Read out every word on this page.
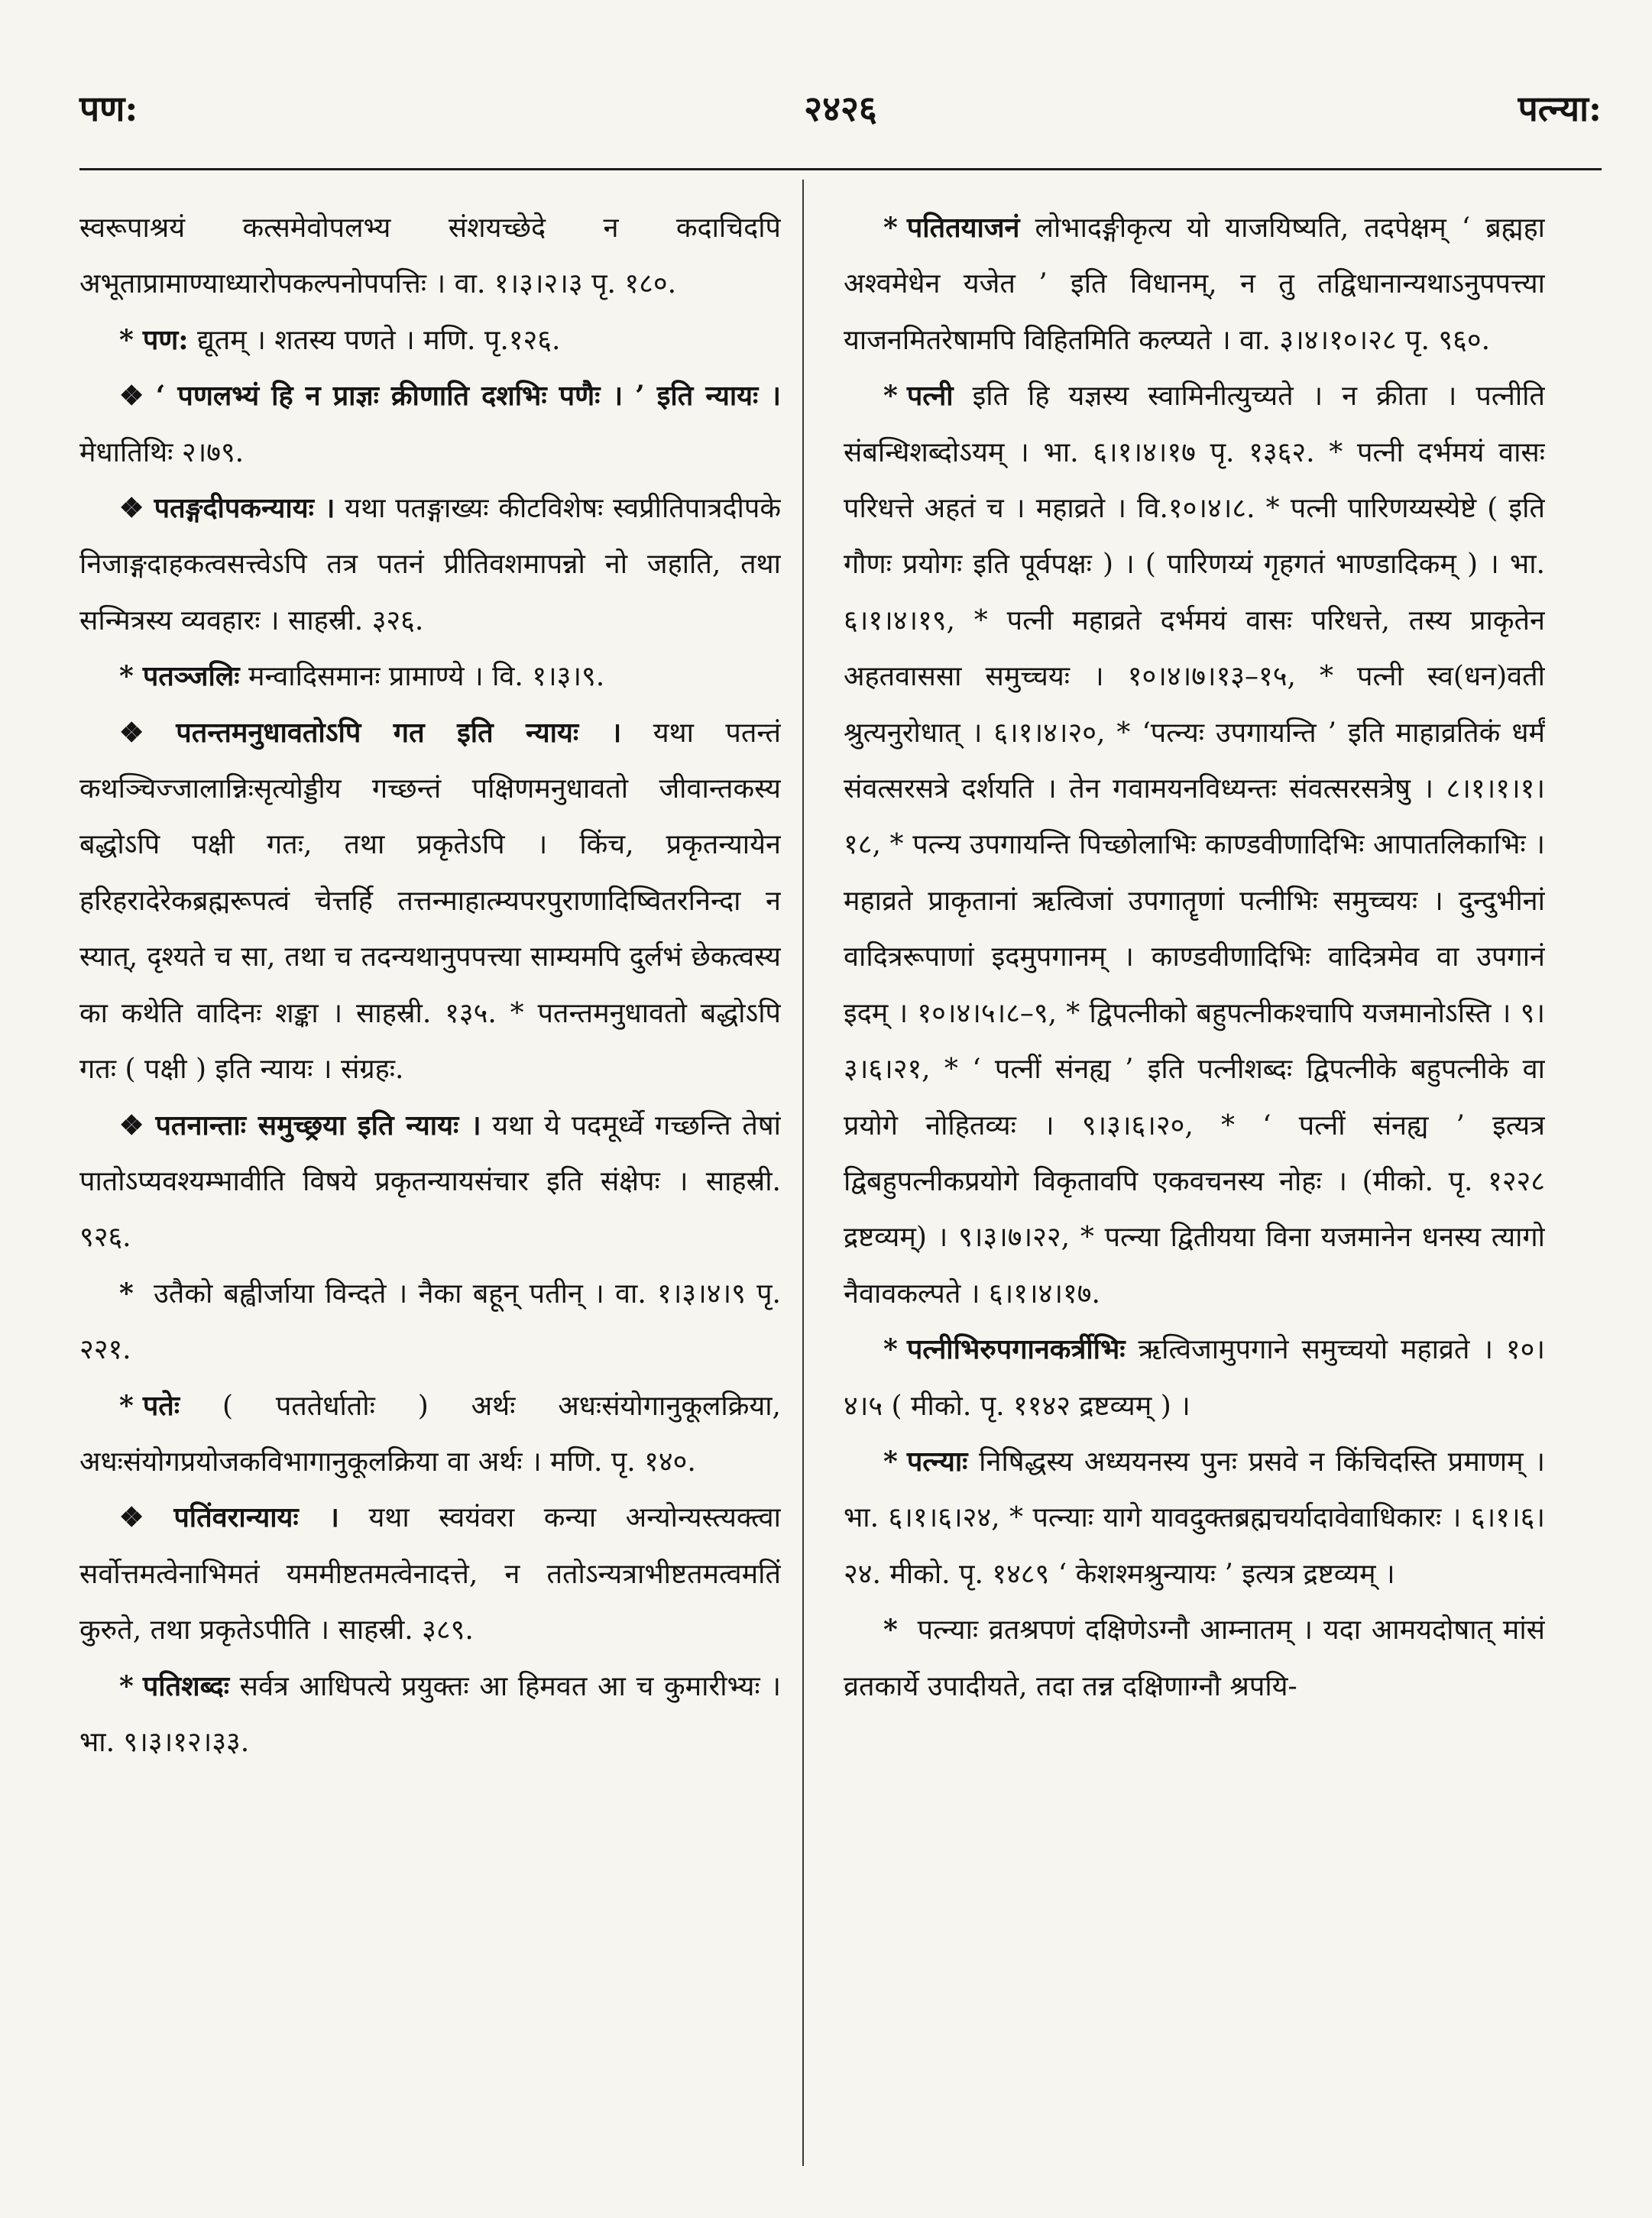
पण:	२४२६	पत्न्या:

स्वरूपाश्रयं कत्समेवोपलभ्य संशयच्छेदे न कदाचिदपि अभूताप्रामाण्याध्यारोपकल्पनोपपत्तिः । वा. १।३।२।३ पृ. १८०.

* पण: द्यूतम् । शतस्य पणते । मणि. पृ.१२६.

❖ ‘ पणलभ्यं हि न प्राज्ञः क्रीणाति दशभिः पणैः । ’ इति न्यायः । मेधातिथिः २।७९.

❖ पतङ्गदीपकन्यायः । यथा पतङ्गाख्यः कीटविशेषः स्वप्रीतिपात्रदीपके निजाङ्गदाहकत्वसत्त्वेऽपि तत्र पतनं प्रीतिवशमापन्नो नो जहाति, तथा सन्मित्रस्य व्यवहारः । साहस्री. ३२६.

* पतञ्जलिः मन्वादिसमानः प्रामाण्ये । वि. १।३।९.

❖ पतन्तमनुधावतोऽपि गत इति न्यायः । यथा पतन्तं कथञ्चिज्जालान्निःसृत्योड्डीय गच्छन्तं पक्षिणमनुधावतो जीवान्तकस्य बद्धोऽपि पक्षी गतः, तथा प्रकृतेऽपि । किंच, प्रकृतन्यायेन हरिहरादेरेकब्रह्मरूपत्वं चेत्तर्हि तत्तन्माहात्म्यपरपुराणादिष्वितरनिन्दा न स्यात्, दृश्यते च सा, तथा च तदन्यथानुपपत्त्या साम्यमपि दुर्लभं छेकत्वस्य का कथेति वादिनः शङ्का । साहस्री. १३५. * पतन्तमनुधावतो बद्धोऽपि गतः ( पक्षी ) इति न्यायः । संग्रहः.

❖ पतनान्ताः समुच्छ्रया इति न्यायः । यथा ये पदमूर्ध्वे गच्छन्ति तेषां पातोऽप्यवश्यम्भावीति विषये प्रकृतन्यायसंचार इति संक्षेपः । साहस्री. ९२६.

* उतैको बह्वीर्जाया विन्दते । नैका बहून् पतीन् । वा. १।३।४।९ पृ. २२१.

* पतेः ( पततेर्धातोः ) अर्थः अधःसंयोगानुकूलक्रिया, अधःसंयोगप्रयोजकविभागानुकूलक्रिया वा अर्थः । मणि. पृ. १४०.

❖ पतिंवरान्यायः । यथा स्वयंवरा कन्या अन्योन्यस्त्यक्त्वा सर्वोत्तमत्वेनाभिमतं यममीष्टतमत्वेनादत्ते, न ततोऽन्यत्राभीष्टतमत्वमतिं कुरुते, तथा प्रकृतेऽपीति । साहस्री. ३८९.

* पतिशब्दः सर्वत्र आधिपत्ये प्रयुक्तः आ हिमवत आ च कुमारीभ्यः । भा. ९।३।१२।३३.

* पतितयाजनं लोभादङ्गीकृत्य यो याजयिष्यति, तदपेक्षम् ‘ ब्रह्महा अश्वमेधेन यजेत ’ इति विधानम्, न तु तद्विधानान्यथाऽनुपपत्त्या याजनमितरेषामपि विहितमिति कल्प्यते । वा. ३।४।१०।२८ पृ. ९६०.

* पत्नी इति हि यज्ञस्य स्वामिनीत्युच्यते । न क्रीता । पत्नीति संबन्धिशब्दोऽयम् । भा. ६।१।४।१७ पृ. १३६२. * पत्नी दर्भमयं वासः परिधत्ते अहतं च । महाव्रते । वि.१०।४।८. * पत्नी पारिणय्यस्येष्टे ( इति गौणः प्रयोगः इति पूर्वपक्षः ) । ( पारिणय्यं गृहगतं भाण्डादिकम् ) । भा. ६।१।४।१९, * पत्नी महाव्रते दर्भमयं वासः परिधत्ते, तस्य प्राकृतेन अहतवाससा समुच्चयः । १०।४।७।१३–१५, * पत्नी स्व(धन)वती श्रुत्यनुरोधात् । ६।१।४।२०, * ‘पत्न्यः उपगायन्ति ’ इति माहाव्रतिकं धर्मं संवत्सरसत्रे दर्शयति । तेन गवामयनविध्यन्तः संवत्सरसत्रेषु । ८।१।१।१।१८, * पत्न्य उपगायन्ति पिच्छोलाभिः काण्डवीणादिभिः आपातलिकाभिः । महाव्रते प्राकृतानां ऋत्विजां उपगातॄणां पत्नीभिः समुच्चयः । दुन्दुभीनां वादित्ररूपाणां इदमुपगानम् । काण्डवीणादिभिः वादित्रमेव वा उपगानं इदम् । १०।४।५।८–९, * द्विपत्नीको बहुपत्नीकश्चापि यजमानोऽस्ति । ९।३।६।२१, * ‘ पत्नीं संनह्य ’ इति पत्नीशब्दः द्विपत्नीके बहुपत्नीके वा प्रयोगे नोहितव्यः । ९।३।६।२०, * ‘ पत्नीं संनह्य ’ इत्यत्र द्विबहुपत्नीकप्रयोगे विकृतावपि एकवचनस्य नोहः । (मीको. पृ. १२२८ द्रष्टव्यम्) । ९।३।७।२२, * पत्न्या द्वितीयया विना यजमानेन धनस्य त्यागो नैवावकल्पते । ६।१।४।१७.

* पत्नीभिरुपगानकर्त्रीभिः ऋत्विजामुपगाने समुच्चयो महाव्रते । १०।४।५ ( मीको. पृ. ११४२ द्रष्टव्यम् ) ।

* पत्न्याः निषिद्धस्य अध्ययनस्य पुनः प्रसवे न किंचिदस्ति प्रमाणम् । भा. ६।१।६।२४, * पत्न्याः यागे यावदुक्तब्रह्मचर्यादावेवाधिकारः । ६।१।६।२४. मीको. पृ. १४८९ ‘ केशश्मश्रुन्यायः ’ इत्यत्र द्रष्टव्यम् ।

* पत्न्याः व्रतश्रपणं दक्षिणेऽग्नौ आम्नातम् । यदा आमयदोषात् मांसं व्रतकार्ये उपादीयते, तदा तन्न दक्षिणाग्नौ श्रपयि-
